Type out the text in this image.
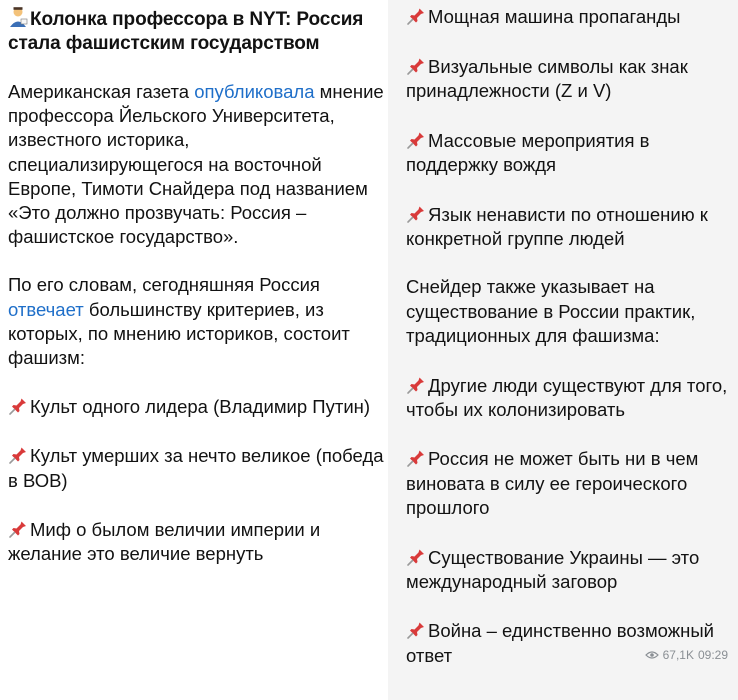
Колонка профессора в NYT: Россия стала фашистским государством
Американская газета опубликовала мнение профессора Йельского Университета, известного историка, специализирующегося на восточной Европе, Тимоти Снайдера под названием «Это должно прозвучать: Россия – фашистское государство».
По его словам, сегодняшняя Россия отвечает большинству критериев, из которых, по мнению историков, состоит фашизм:
Культ одного лидера (Владимир Путин)
Культ умерших за нечто великое (победа в ВОВ)
Миф о былом величии империи и желание это величие вернуть
Мощная машина пропаганды
Визуальные символы как знак принадлежности (Z и V)
Массовые мероприятия в поддержку вождя
Язык ненависти по отношению к конкретной группе людей
Снейдер также указывает на существование в России практик, традиционных для фашизма:
Другие люди существуют для того, чтобы их колонизировать
Россия не может быть ни в чем виновата в силу ее героического прошлого
Существование Украины — это международный заговор
Война – единственно возможный ответ	67,1K 09:29
